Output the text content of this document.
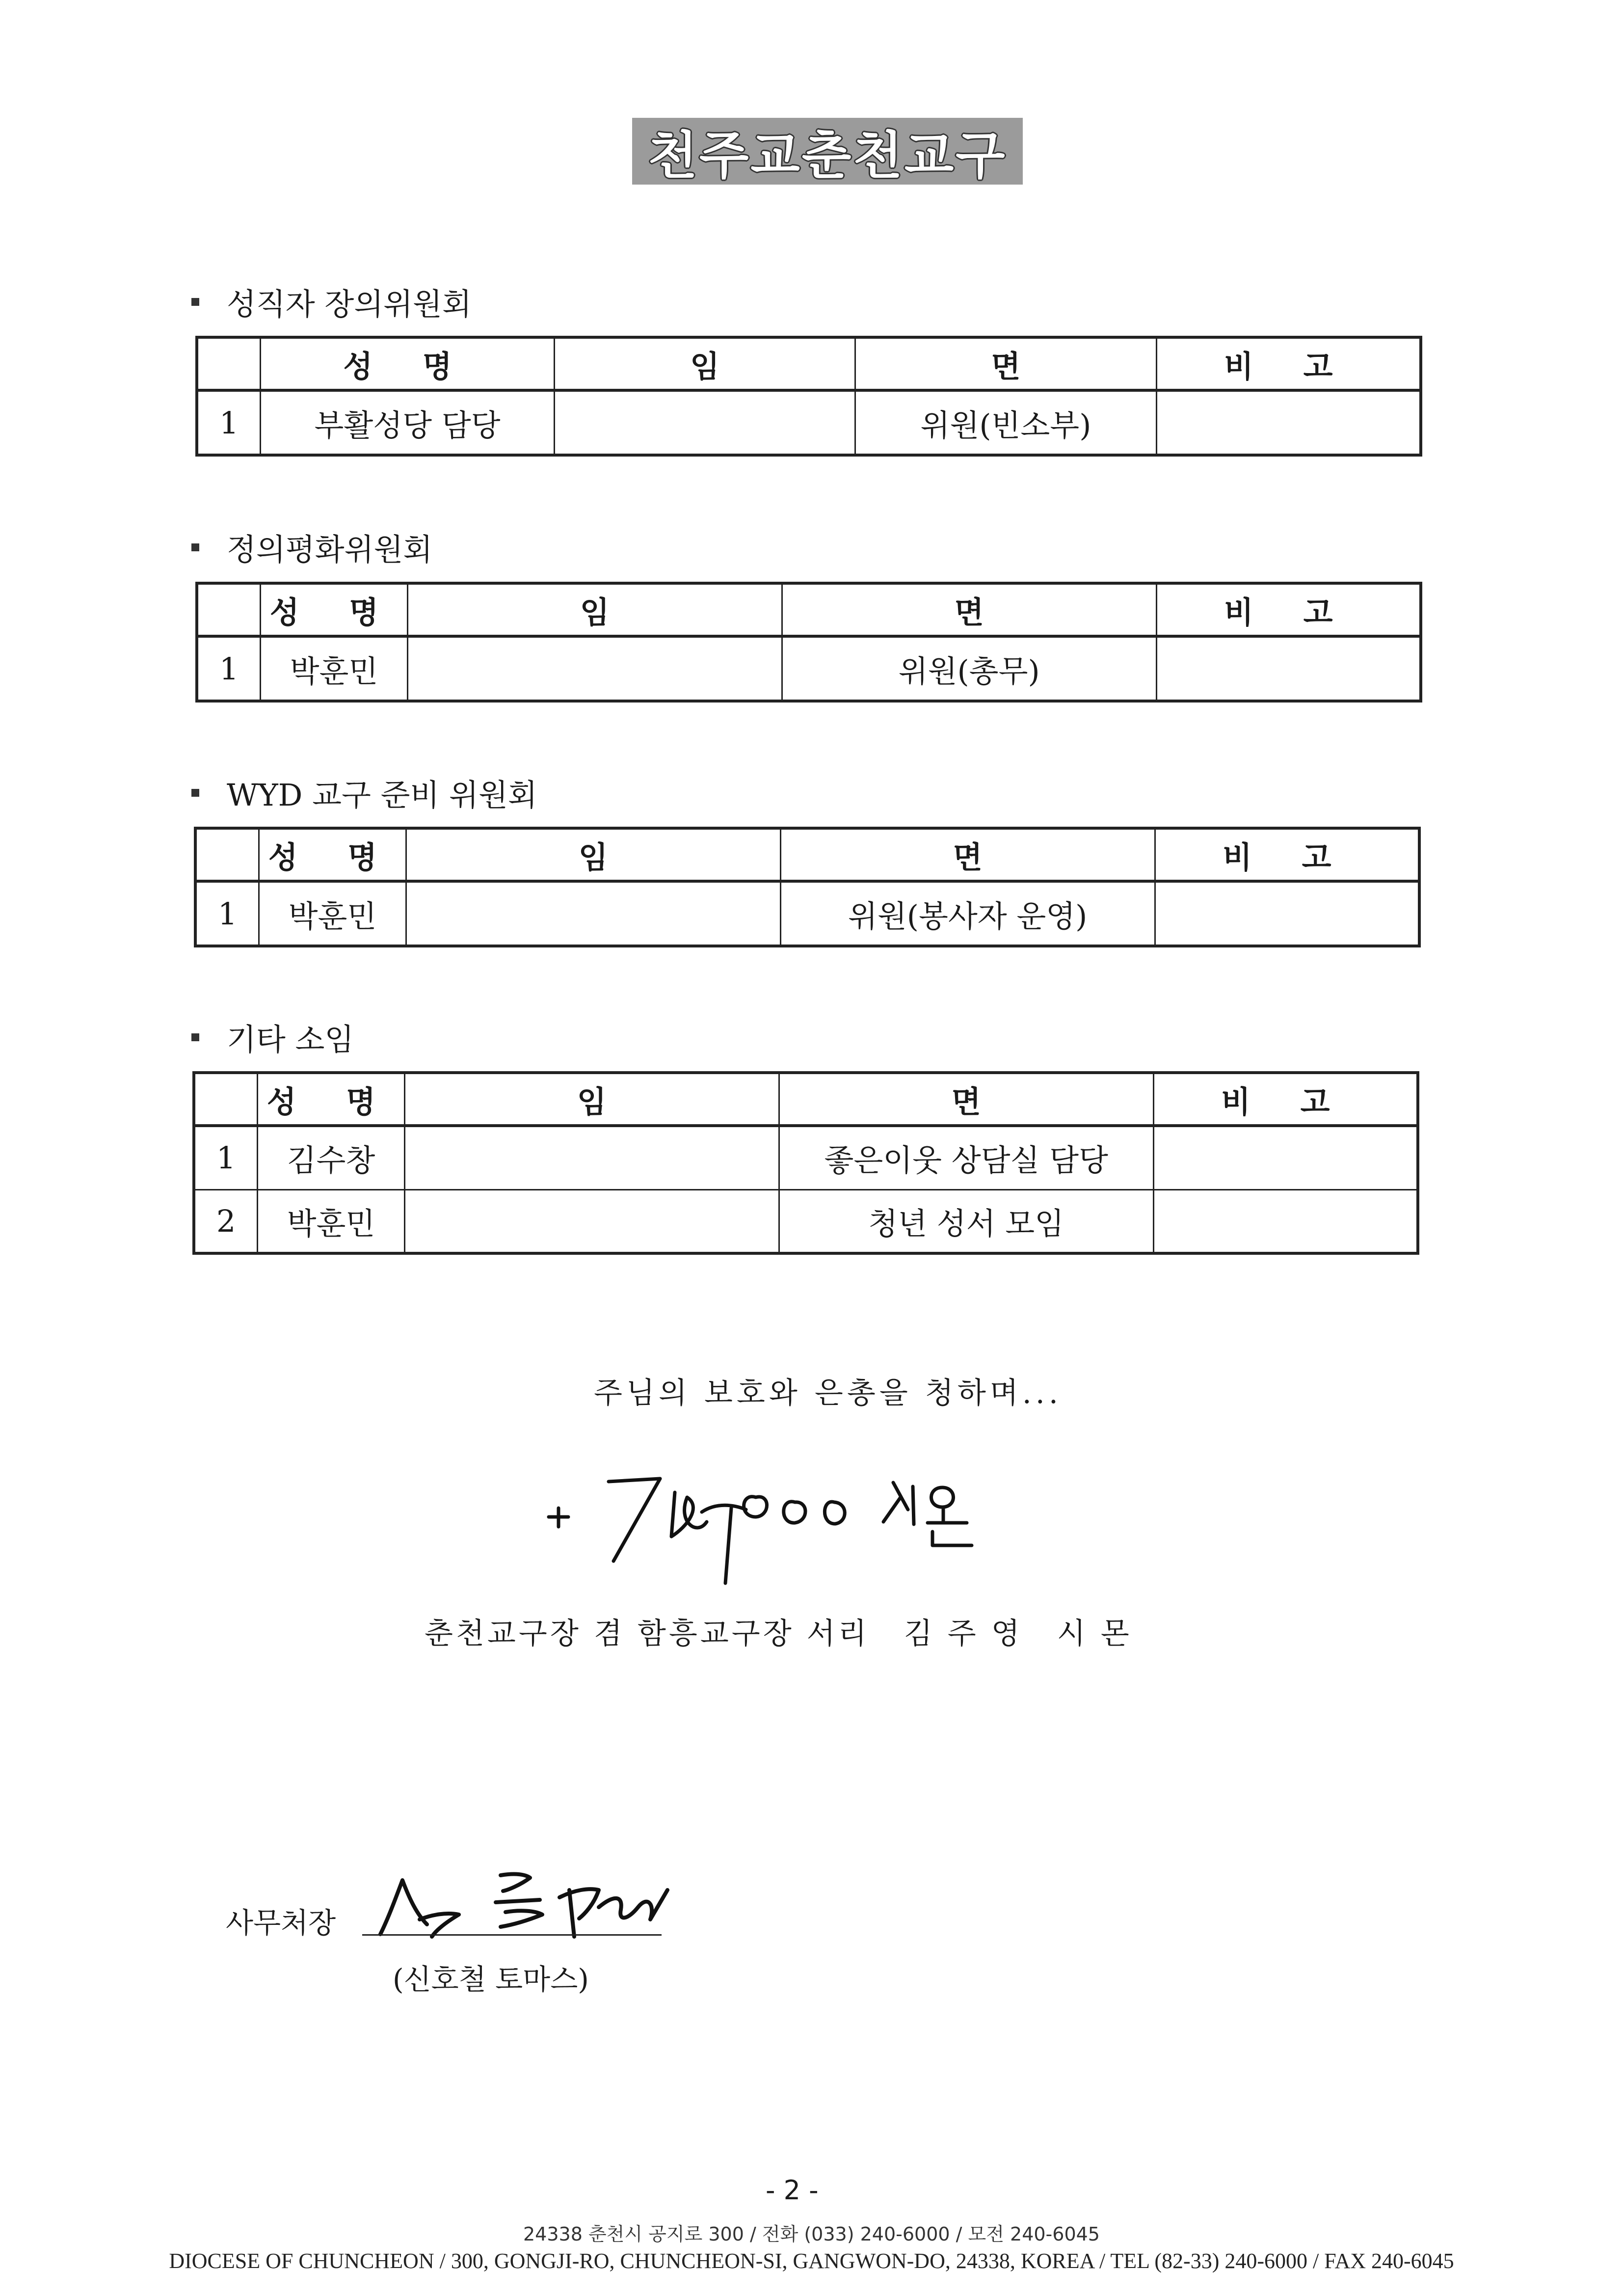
천주교춘천교구
성직자 장의위원회
	성 명	임	면	비 고
1	부활성당 담당		위원(빈소부)	
정의평화위원회
	성 명	임	면	비 고
1	박훈민		위원(총무)	
WYD 교구 준비 위원회
	성 명	임	면	비 고
1	박훈민		위원(봉사자 운영)	
기타 소임
	성 명	임	면	비 고
1	김수창		좋은이웃 상담실 담당	
2	박훈민		청년 성서 모임	
주님의 보호와 은총을 청하며...
춘천교구장 겸 함흥교구장 서리 김 주 영 시 몬
사무처장
(신호철 토마스)
- 2 -
24338 춘천시 공지로 300 / 전화 (033) 240-6000 / 모전 240-6045
DIOCESE OF CHUNCHEON / 300, GONGJI-RO, CHUNCHEON-SI, GANGWON-DO, 24338, KOREA / TEL (82-33) 240-6000 / FAX 240-6045
